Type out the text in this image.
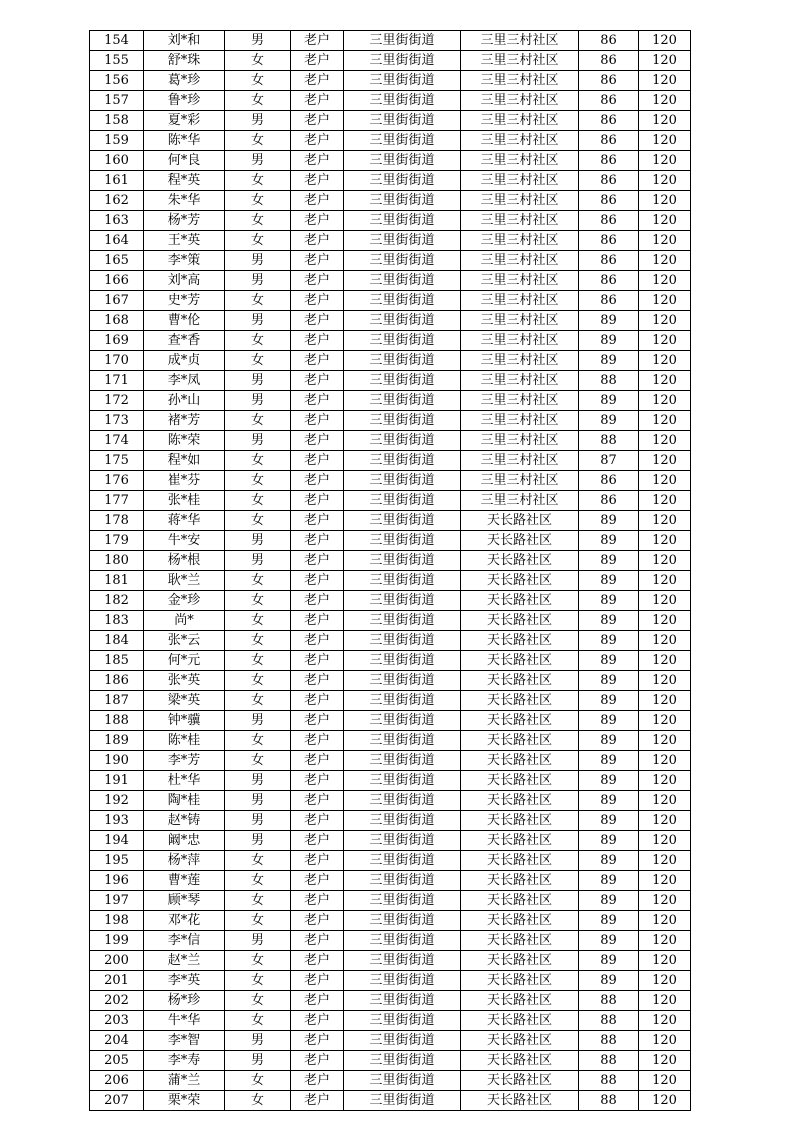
154	刘*和	男	老户	三里街街道	三里三村社区	86	120
155	舒*珠	女	老户	三里街街道	三里三村社区	86	120
156	葛*珍	女	老户	三里街街道	三里三村社区	86	120
157	鲁*珍	女	老户	三里街街道	三里三村社区	86	120
158	夏*彩	男	老户	三里街街道	三里三村社区	86	120
159	陈*华	女	老户	三里街街道	三里三村社区	86	120
160	何*良	男	老户	三里街街道	三里三村社区	86	120
161	程*英	女	老户	三里街街道	三里三村社区	86	120
162	朱*华	女	老户	三里街街道	三里三村社区	86	120
163	杨*芳	女	老户	三里街街道	三里三村社区	86	120
164	王*英	女	老户	三里街街道	三里三村社区	86	120
165	李*策	男	老户	三里街街道	三里三村社区	86	120
166	刘*高	男	老户	三里街街道	三里三村社区	86	120
167	史*芳	女	老户	三里街街道	三里三村社区	86	120
168	曹*伦	男	老户	三里街街道	三里三村社区	89	120
169	查*香	女	老户	三里街街道	三里三村社区	89	120
170	成*贞	女	老户	三里街街道	三里三村社区	89	120
171	李*凤	男	老户	三里街街道	三里三村社区	88	120
172	孙*山	男	老户	三里街街道	三里三村社区	89	120
173	褚*芳	女	老户	三里街街道	三里三村社区	89	120
174	陈*荣	男	老户	三里街街道	三里三村社区	88	120
175	程*如	女	老户	三里街街道	三里三村社区	87	120
176	崔*芬	女	老户	三里街街道	三里三村社区	86	120
177	张*桂	女	老户	三里街街道	三里三村社区	86	120
178	蒋*华	女	老户	三里街街道	天长路社区	89	120
179	牛*安	男	老户	三里街街道	天长路社区	89	120
180	杨*根	男	老户	三里街街道	天长路社区	89	120
181	耿*兰	女	老户	三里街街道	天长路社区	89	120
182	金*珍	女	老户	三里街街道	天长路社区	89	120
183	尚*	女	老户	三里街街道	天长路社区	89	120
184	张*云	女	老户	三里街街道	天长路社区	89	120
185	何*元	女	老户	三里街街道	天长路社区	89	120
186	张*英	女	老户	三里街街道	天长路社区	89	120
187	梁*英	女	老户	三里街街道	天长路社区	89	120
188	钟*骥	男	老户	三里街街道	天长路社区	89	120
189	陈*桂	女	老户	三里街街道	天长路社区	89	120
190	李*芳	女	老户	三里街街道	天长路社区	89	120
191	杜*华	男	老户	三里街街道	天长路社区	89	120
192	陶*桂	男	老户	三里街街道	天长路社区	89	120
193	赵*铸	男	老户	三里街街道	天长路社区	89	120
194	阚*忠	男	老户	三里街街道	天长路社区	89	120
195	杨*萍	女	老户	三里街街道	天长路社区	89	120
196	曹*莲	女	老户	三里街街道	天长路社区	89	120
197	顾*琴	女	老户	三里街街道	天长路社区	89	120
198	邓*花	女	老户	三里街街道	天长路社区	89	120
199	李*信	男	老户	三里街街道	天长路社区	89	120
200	赵*兰	女	老户	三里街街道	天长路社区	89	120
201	李*英	女	老户	三里街街道	天长路社区	89	120
202	杨*珍	女	老户	三里街街道	天长路社区	88	120
203	牛*华	女	老户	三里街街道	天长路社区	88	120
204	李*智	男	老户	三里街街道	天长路社区	88	120
205	李*寿	男	老户	三里街街道	天长路社区	88	120
206	蒲*兰	女	老户	三里街街道	天长路社区	88	120
207	栗*荣	女	老户	三里街街道	天长路社区	88	120
